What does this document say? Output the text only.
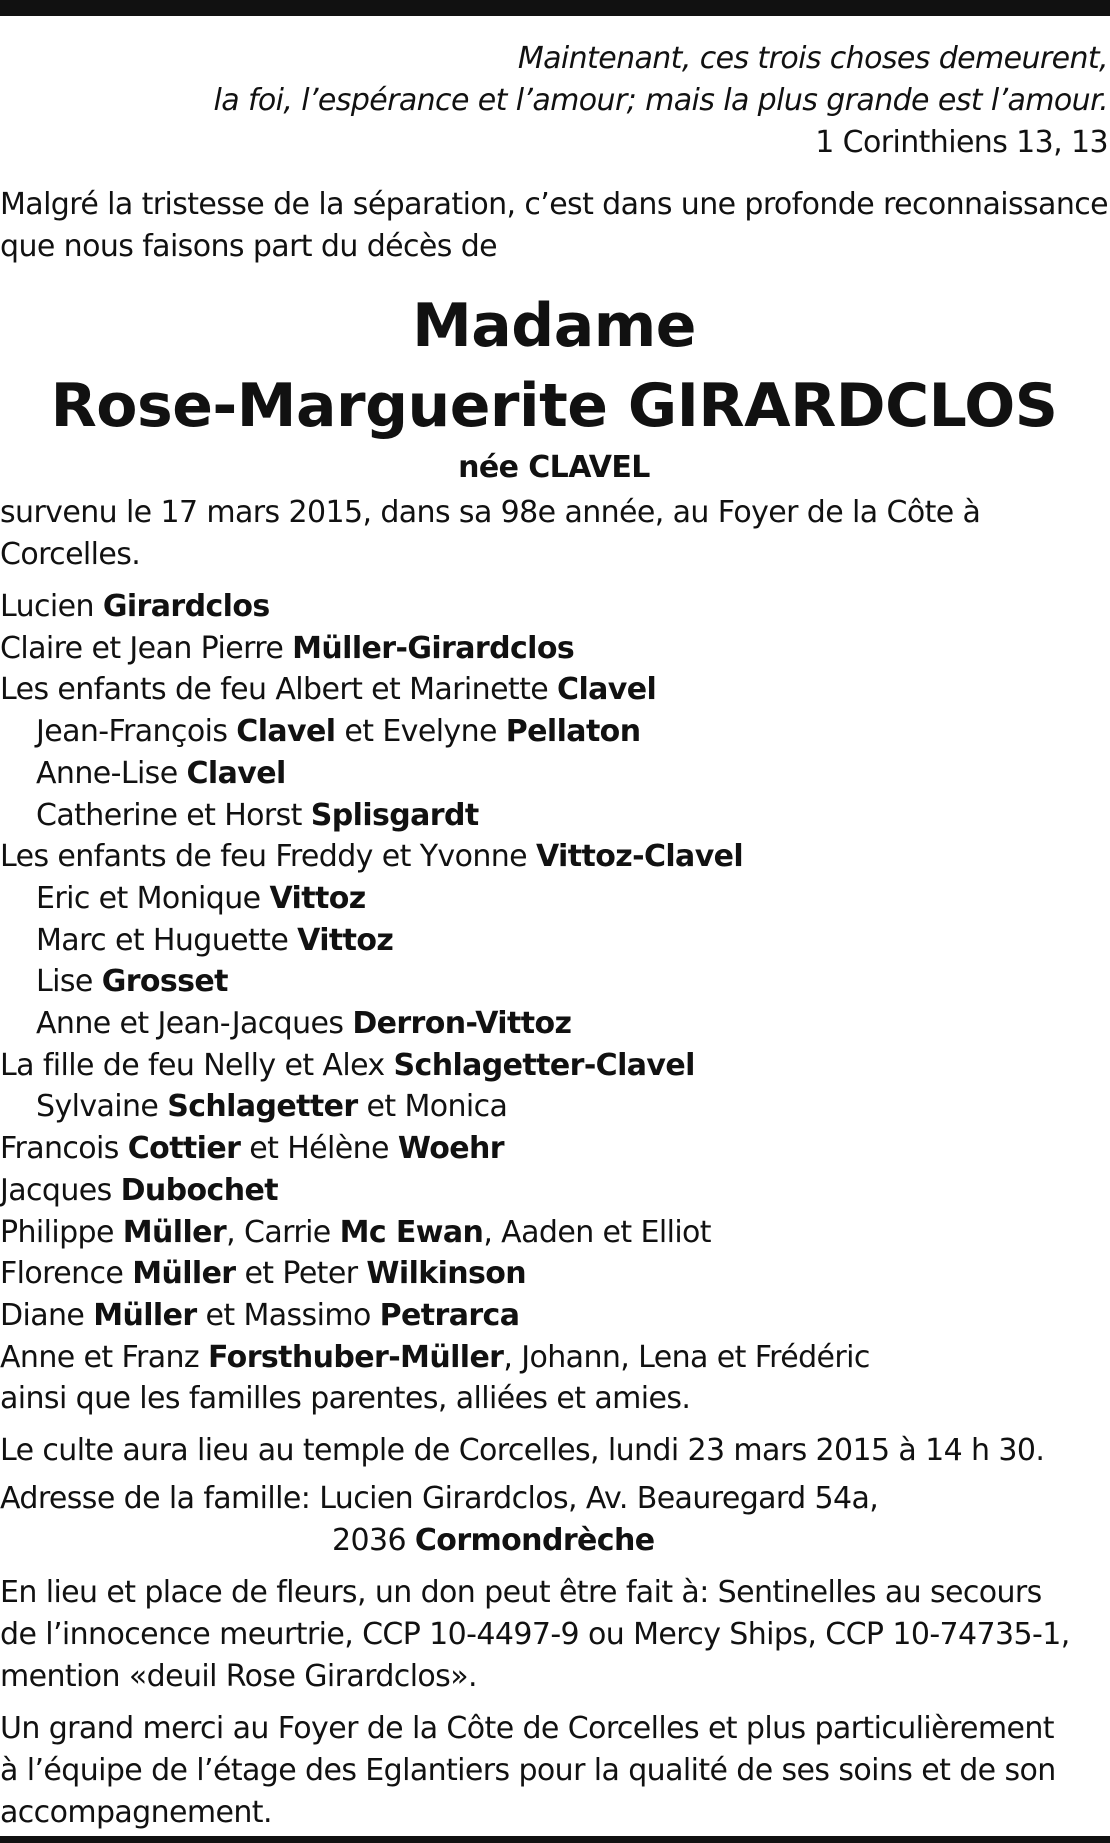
Maintenant, ces trois choses demeurent,
la foi, l’espérance et l’amour; mais la plus grande est l’amour.
1 Corinthiens 13, 13
Malgré la tristesse de la séparation, c’est dans une profonde reconnaissance
que nous faisons part du décès de
Madame
Rose-Marguerite GIRARDCLOS
née CLAVEL
survenu le 17 mars 2015, dans sa 98e année, au Foyer de la Côte à Corcelles.
Lucien Girardclos
Claire et Jean Pierre Müller-Girardclos
Les enfants de feu Albert et Marinette Clavel
Jean-François Clavel et Evelyne Pellaton
Anne-Lise Clavel
Catherine et Horst Splisgardt
Les enfants de feu Freddy et Yvonne Vittoz-Clavel
Eric et Monique Vittoz
Marc et Huguette Vittoz
Lise Grosset
Anne et Jean-Jacques Derron-Vittoz
La fille de feu Nelly et Alex Schlagetter-Clavel
Sylvaine Schlagetter et Monica
Francois Cottier et Hélène Woehr
Jacques Dubochet
Philippe Müller, Carrie Mc Ewan, Aaden et Elliot
Florence Müller et Peter Wilkinson
Diane Müller et Massimo Petrarca
Anne et Franz Forsthuber-Müller, Johann, Lena et Frédéric
ainsi que les familles parentes, alliées et amies.
Le culte aura lieu au temple de Corcelles, lundi 23 mars 2015 à 14 h 30.
Adresse de la famille: Lucien Girardclos, Av. Beauregard 54a,
2036 Cormondrèche
En lieu et place de fleurs, un don peut être fait à: Sentinelles au secours
de l’innocence meurtrie, CCP 10-4497-9 ou Mercy Ships, CCP 10-74735-1,
mention «deuil Rose Girardclos».
Un grand merci au Foyer de la Côte de Corcelles et plus particulièrement
à l’équipe de l’étage des Eglantiers pour la qualité de ses soins et de son
accompagnement.
